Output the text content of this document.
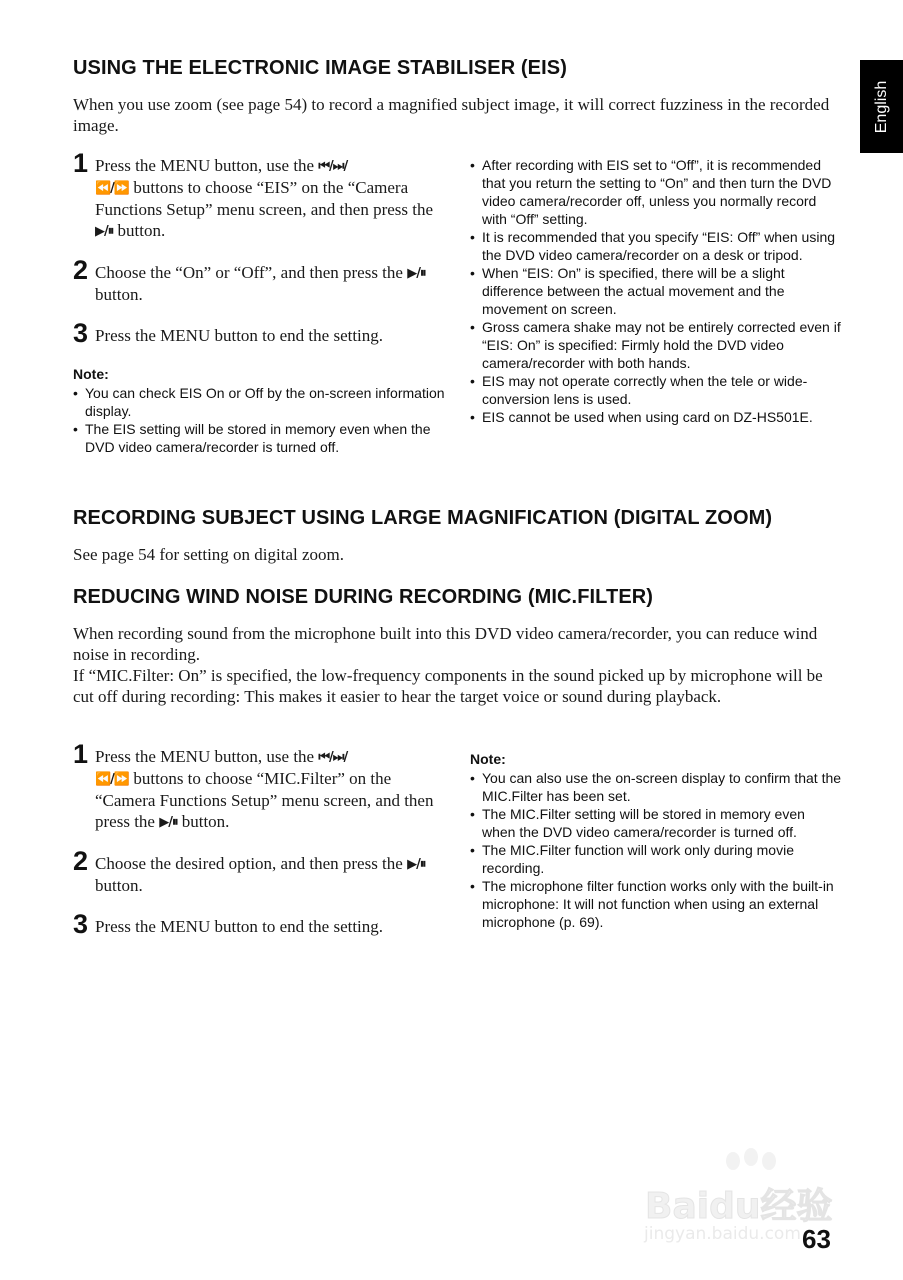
English
USING THE ELECTRONIC IMAGE STABILISER (EIS)

When you use zoom (see page 54) to record a magnified subject image, it will correct fuzziness in the recorded image.

1 Press the MENU button, use the ⏮/⏭/
⏪/⏩ buttons to choose “EIS” on the “Camera Functions Setup” menu screen, and then press the ▶/⏸ button.
2 Choose the “On” or “Off”, and then press the ▶/⏸ button.
3 Press the MENU button to end the setting.
Note:
• You can check EIS On or Off by the on-screen information display.
• The EIS setting will be stored in memory even when the DVD video camera/recorder is turned off.
• After recording with EIS set to “Off”, it is recommended that you return the setting to “On” and then turn the DVD video camera/recorder off, unless you normally record with “Off” setting.
• It is recommended that you specify “EIS: Off” when using the DVD video camera/recorder on a desk or tripod.
• When “EIS: On” is specified, there will be a slight difference between the actual movement and the movement on screen.
• Gross camera shake may not be entirely corrected even if “EIS: On” is specified: Firmly hold the DVD video camera/recorder with both hands.
• EIS may not operate correctly when the tele or wide-conversion lens is used.
• EIS cannot be used when using card on DZ-HS501E.
RECORDING SUBJECT USING LARGE MAGNIFICATION (DIGITAL ZOOM)

See page 54 for setting on digital zoom.

REDUCING WIND NOISE DURING RECORDING (MIC.FILTER)

When recording sound from the microphone built into this DVD video camera/recorder, you can reduce wind noise in recording.

If “MIC.Filter: On” is specified, the low-frequency components in the sound picked up by microphone will be cut off during recording: This makes it easier to hear the target voice or sound during playback.

1 Press the MENU button, use the ⏮/⏭/
⏪/⏩ buttons to choose “MIC.Filter” on the “Camera Functions Setup” menu screen, and then press the ▶/⏸ button.
2 Choose the desired option, and then press the ▶/⏸ button.
3 Press the MENU button to end the setting.
Note:
• You can also use the on-screen display to confirm that the MIC.Filter has been set.
• The MIC.Filter setting will be stored in memory even when the DVD video camera/recorder is turned off.
• The MIC.Filter function will work only during movie recording.
• The microphone filter function works only with the built-in microphone: It will not function when using an external microphone (p. 69).
Baidu经验
jingyan.baidu.com 63
